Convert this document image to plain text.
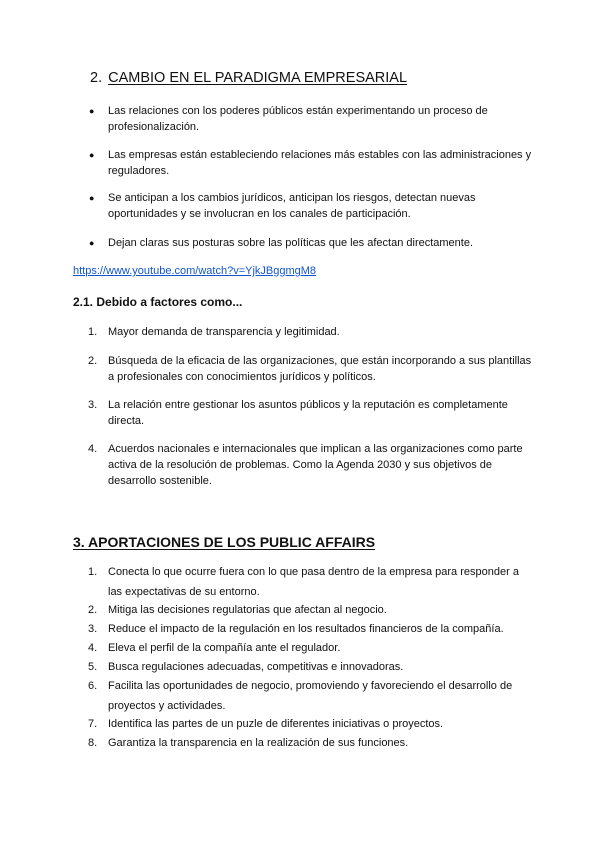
2. CAMBIO EN EL PARADIGMA EMPRESARIAL
● Las relaciones con los poderes públicos están experimentando un proceso de profesionalización.
● Las empresas están estableciendo relaciones más estables con las administraciones y reguladores.
● Se anticipan a los cambios jurídicos, anticipan los riesgos, detectan nuevas oportunidades y se involucran en los canales de participación.
● Dejan claras sus posturas sobre las políticas que les afectan directamente.
https://www.youtube.com/watch?v=YjkJBggmgM8
2.1. Debido a factores como...
1. Mayor demanda de transparencia y legitimidad.
2. Búsqueda de la eficacia de las organizaciones, que están incorporando a sus plantillas a profesionales con conocimientos jurídicos y políticos.
3. La relación entre gestionar los asuntos públicos y la reputación es completamente directa.
4. Acuerdos nacionales e internacionales que implican a las organizaciones como parte activa de la resolución de problemas. Como la Agenda 2030 y sus objetivos de desarrollo sostenible.
3. APORTACIONES DE LOS PUBLIC AFFAIRS
1. Conecta lo que ocurre fuera con lo que pasa dentro de la empresa para responder a las expectativas de su entorno.
2. Mitiga las decisiones regulatorias que afectan al negocio.
3. Reduce el impacto de la regulación en los resultados financieros de la compañía.
4. Eleva el perfil de la compañía ante el regulador.
5. Busca regulaciones adecuadas, competitivas e innovadoras.
6. Facilita las oportunidades de negocio, promoviendo y favoreciendo el desarrollo de proyectos y actividades.
7. Identifica las partes de un puzle de diferentes iniciativas o proyectos.
8. Garantiza la transparencia en la realización de sus funciones.
